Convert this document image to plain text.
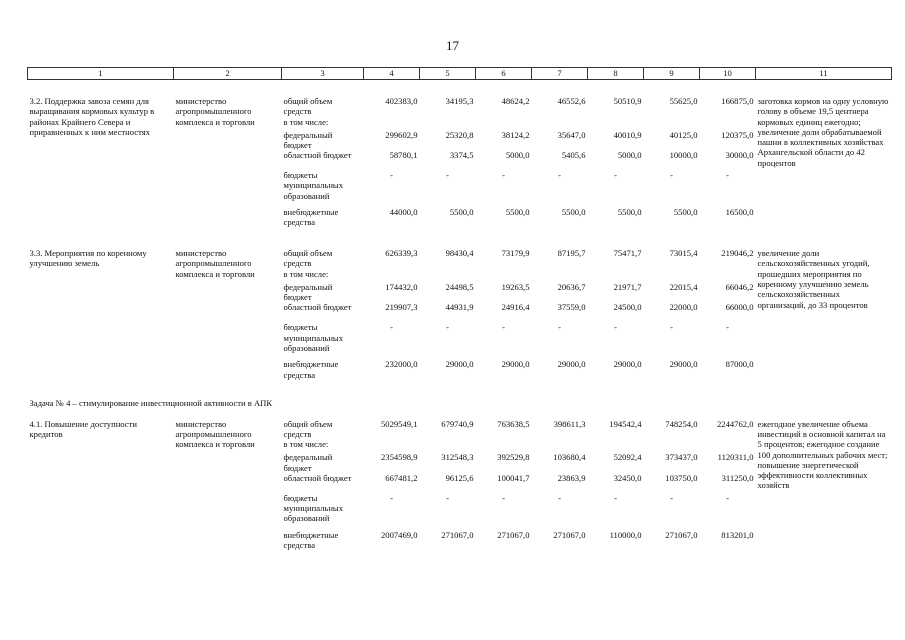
17
1	2	3	4	5	6	7	8	9	10	11
3.2. Поддержка завоза семян для выращивания кормовых культур в районах Крайнего Севера и приравненных к ним местностях	министерство агропромышленного комплекса и торговли	общий объем средств	402383,0	34195,3	48624,2	46552,6	50510,9	55625,0	166875,0	заготовка кормов на одну условную голову в объеме 19,5 центнера кормовых единиц ежегодно; увеличение доли обрабатываемой пашни в коллективных хозяйствах Архангельской области до 42 процентов
		в том числе:								
		федеральный бюджет	299602,9	25320,8	38124,2	35647,0	40010,9	40125,0	120375,0	
		областной бюджет	58780,1	3374,5	5000,0	5405,6	5000,0	10000,0	30000,0	
		бюджеты муниципальных образований	-	-	-	-	-	-	-	
		внебюджетные средства	44000,0	5500,0	5500,0	5500,0	5500,0	5500,0	16500,0	
3.3. Мероприятия по коренному улучшению земель	министерство агропромышленного комплекса и торговли	общий объем средств	626339,3	98430,4	73179,9	87195,7	75471,7	73015,4	219046,2	увеличение доли сельскохозяйственных угодий, прошедших мероприятия по коренному улучшению земель сельскохозяйственных организаций, до 33 процентов
		в том числе:								
		федеральный бюджет	174432,0	24498,5	19263,5	20636,7	21971,7	22015,4	66046,2	
		областной бюджет	219907,3	44931,9	24916,4	37559,0	24500,0	22000,0	66000,0	
		бюджеты муниципальных образований	-	-	-	-	-	-	-	
		внебюджетные средства	232000,0	29000,0	29000,0	29000,0	29000,0	29000,0	87000,0	
Задача № 4 – стимулирование инвестиционной активности в АПК										
4.1. Повышение доступности кредитов	министерство агропромышленного комплекса и торговли	общий объем средств	5029549,1	679740,9	763638,5	398611,3	194542,4	748254,0	2244762,0	ежегодное увеличение объема инвестиций в основной капитал на 5 процентов; ежегодное создание 100 дополнительных рабочих мест; повышение энергетической эффективности коллективных хозяйств
		в том числе:								
		федеральный бюджет	2354598,9	312548,3	392529,8	103680,4	52092,4	373437,0	1120311,0	
		областной бюджет	667481,2	96125,6	100041,7	23863,9	32450,0	103750,0	311250,0	
		бюджеты муниципальных образований	-	-	-	-	-	-	-	
		внебюджетные средства	2007469,0	271067,0	271067,0	271067,0	110000,0	271067,0	813201,0	
